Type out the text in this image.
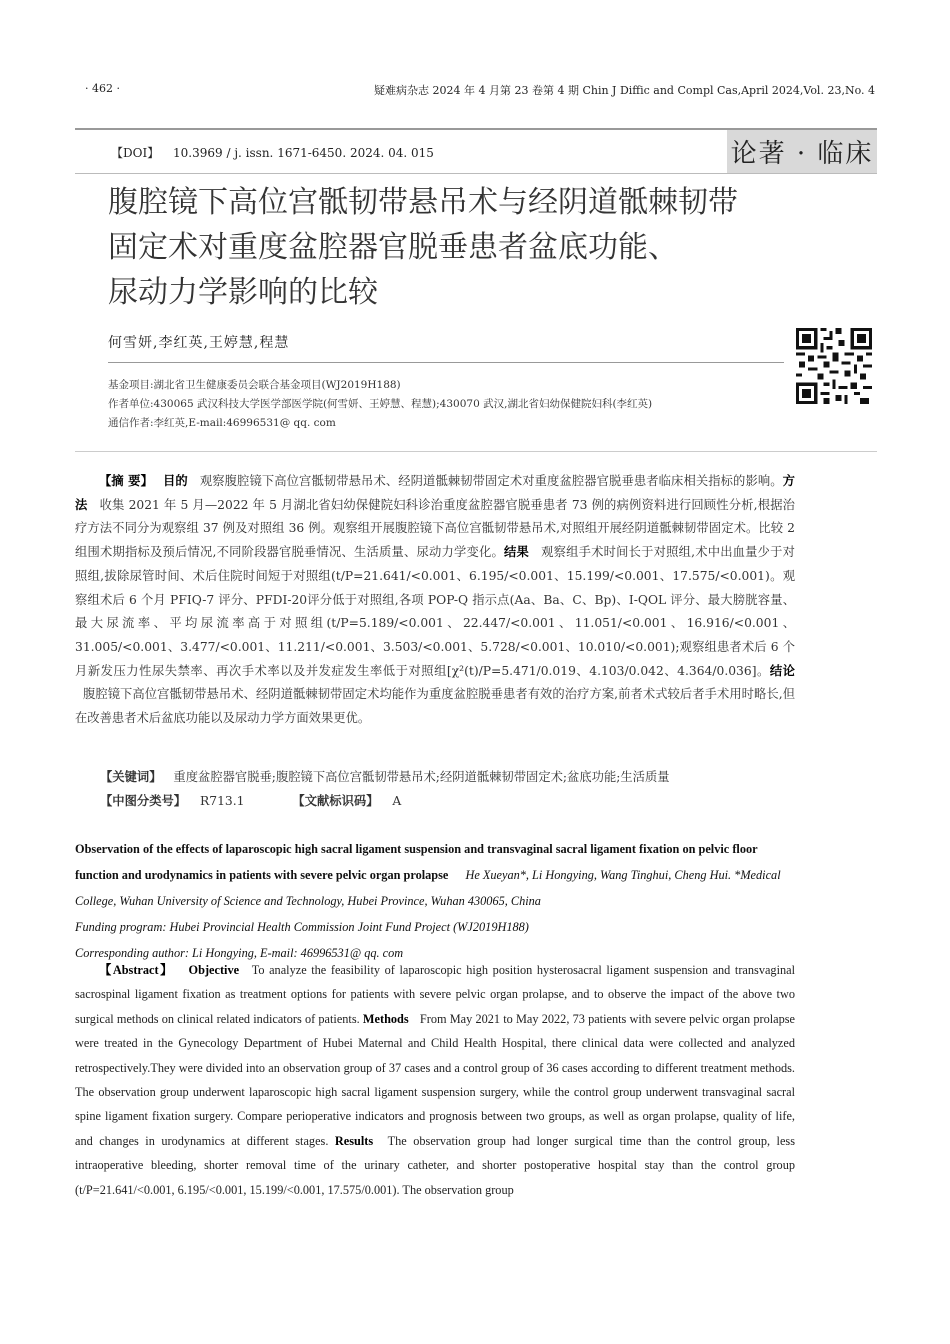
· 462 ·	疑难病杂志 2024 年 4 月第 23 卷第 4 期 Chin J Diffic and Compl Cas,April 2024,Vol. 23,No. 4
【DOI】 10.3969 / j. issn. 1671-6450. 2024. 04. 015	论著 · 临床
腹腔镜下高位宫骶韧带悬吊术与经阴道骶棘韧带
固定术对重度盆腔器官脱垂患者盆底功能、
尿动力学影响的比较
何雪妍,李红英,王婷慧,程慧
基金项目:湖北省卫生健康委员会联合基金项目(WJ2019H188)
作者单位:430065 武汉科技大学医学部医学院(何雪妍、王婷慧、程慧);430070 武汉,湖北省妇幼保健院妇科(李红英)
通信作者:李红英,E-mail:46996531@ qq. com
【摘 要】 目的 观察腹腔镜下高位宫骶韧带悬吊术、经阴道骶棘韧带固定术对重度盆腔器官脱垂患者临床相关指标的影响。方法 收集 2021 年 5 月—2022 年 5 月湖北省妇幼保健院妇科诊治重度盆腔器官脱垂患者 73 例的病例资料进行回顾性分析,根据治疗方法不同分为观察组 37 例及对照组 36 例。观察组开展腹腔镜下高位宫骶韧带悬吊术,对照组开展经阴道骶棘韧带固定术。比较 2 组围术期指标及预后情况,不同阶段器官脱垂情况、生活质量、尿动力学变化。结果 观察组手术时间长于对照组,术中出血量少于对照组,拔除尿管时间、术后住院时间短于对照组(t/P=21.641/<0.001、6.195/<0.001、15.199/<0.001、17.575/<0.001)。观察组术后 6 个月 PFIQ-7 评分、PFDI-20评分低于对照组,各项 POP-Q 指示点(Aa、Ba、C、Bp)、I-QOL 评分、最大膀胱容量、最大尿流率、平均尿流率高于对照组(t/P=5.189/<0.001、22.447/<0.001、11.051/<0.001、16.916/<0.001、31.005/<0.001、3.477/<0.001、11.211/<0.001、3.503/<0.001、5.728/<0.001、10.010/<0.001);观察组患者术后 6 个月新发压力性尿失禁率、再次手术率以及并发症发生率低于对照组[χ²(t)/P=5.471/0.019、4.103/0.042、4.364/0.036]。结论 腹腔镜下高位宫骶韧带悬吊术、经阴道骶棘韧带固定术均能作为重度盆腔脱垂患者有效的治疗方案,前者术式较后者手术用时略长,但在改善患者术后盆底功能以及尿动力学方面效果更优。
【关键词】 重度盆腔器官脱垂;腹腔镜下高位宫骶韧带悬吊术;经阴道骶棘韧带固定术;盆底功能;生活质量
【中图分类号】 R713.1	【文献标识码】 A
Observation of the effects of laparoscopic high sacral ligament suspension and transvaginal sacral ligament fixation on pelvic floor function and urodynamics in patients with severe pelvic organ prolapse He Xueyan*, Li Hongying, Wang Tinghui, Cheng Hui. *Medical College, Wuhan University of Science and Technology, Hubei Province, Wuhan 430065, China
Funding program: Hubei Provincial Health Commission Joint Fund Project (WJ2019H188)
Corresponding author: Li Hongying, E-mail: 46996531@ qq. com
【Abstract】 Objective To analyze the feasibility of laparoscopic high position hysterosacral ligament suspension and transvaginal sacrospinal ligament fixation as treatment options for patients with severe pelvic organ prolapse, and to observe the impact of the above two surgical methods on clinical related indicators of patients. Methods From May 2021 to May 2022, 73 patients with severe pelvic organ prolapse were treated in the Gynecology Department of Hubei Maternal and Child Health Hospital, there clinical data were collected and analyzed retrospectively.They were divided into an observation group of 37 cases and a control group of 36 cases according to different treatment methods. The observation group underwent laparoscopic high sacral ligament suspension surgery, while the control group underwent transvaginal sacral spine ligament fixation surgery. Compare perioperative indicators and prognosis between two groups, as well as organ prolapse, quality of life, and changes in urodynamics at different stages. Results The observation group had longer surgical time than the control group, less intraoperative bleeding, shorter removal time of the urinary catheter, and shorter postoperative hospital stay than the control group (t/P=21.641/<0.001, 6.195/<0.001, 15.199/<0.001, 17.575/0.001). The observation group
